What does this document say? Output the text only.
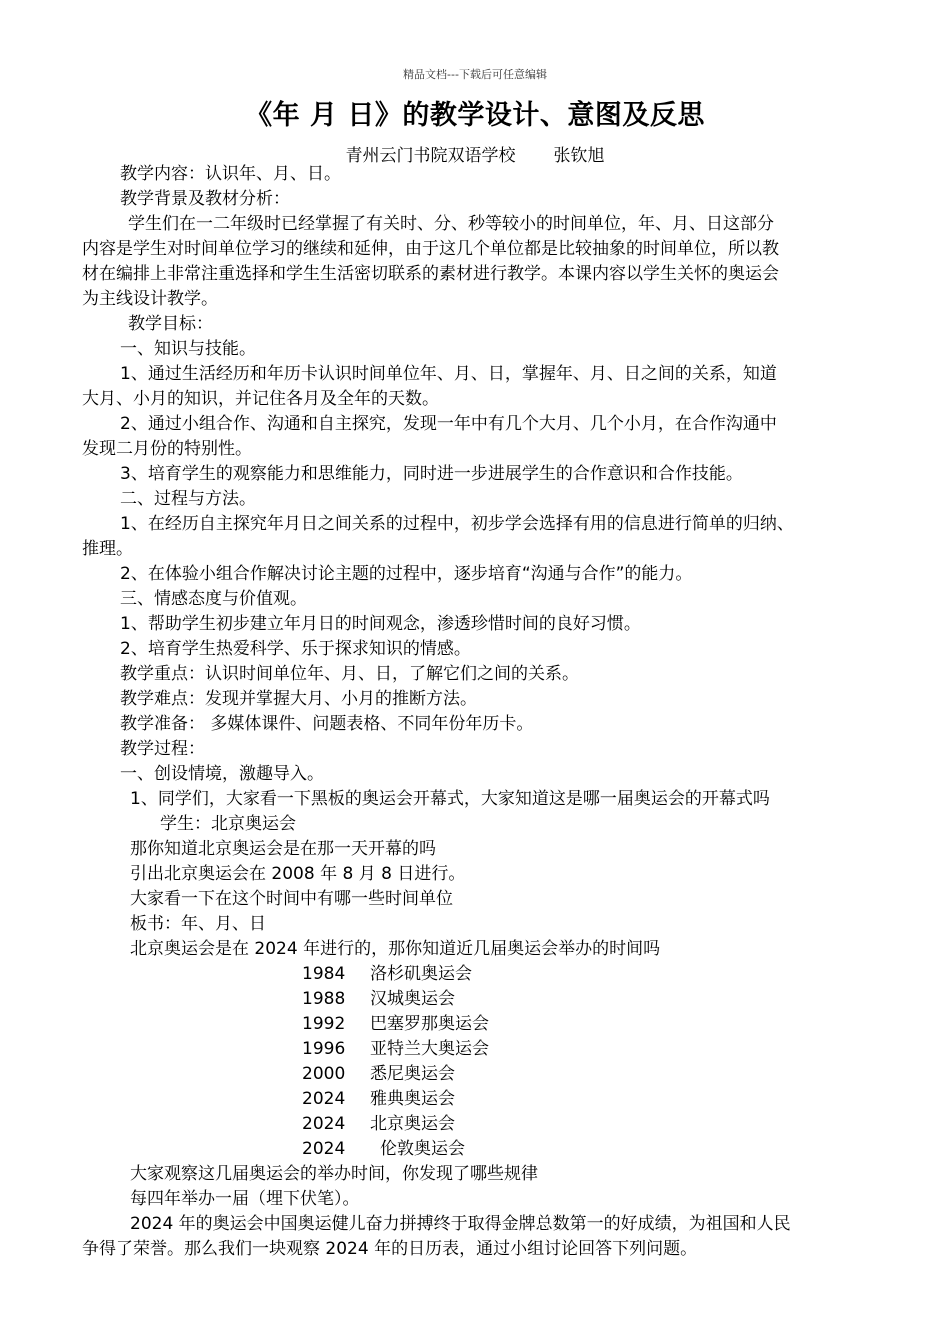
精品文档---下载后可任意编辑
《年 月 日》的教学设计、意图及反思
青州云门书院双语学校 张钦旭
教学内容：认识年、月、日。
教学背景及教材分析：
学生们在一二年级时已经掌握了有关时、分、秒等较小的时间单位，年、月、日这部分
内容是学生对时间单位学习的继续和延伸，由于这几个单位都是比较抽象的时间单位，所以教
材在编排上非常注重选择和学生生活密切联系的素材进行教学。本课内容以学生关怀的奥运会
为主线设计教学。
教学目标：
一、知识与技能。
1、通过生活经历和年历卡认识时间单位年、月、日，掌握年、月、日之间的关系，知道
大月、小月的知识，并记住各月及全年的天数。
2、通过小组合作、沟通和自主探究，发现一年中有几个大月、几个小月，在合作沟通中
发现二月份的特别性。
3、培育学生的观察能力和思维能力，同时进一步进展学生的合作意识和合作技能。
二、过程与方法。
1、在经历自主探究年月日之间关系的过程中，初步学会选择有用的信息进行简单的归纳、
推理。
2、在体验小组合作解决讨论主题的过程中，逐步培育“沟通与合作”的能力。
三、情感态度与价值观。
1、帮助学生初步建立年月日的时间观念，渗透珍惜时间的良好习惯。
2、培育学生热爱科学、乐于探求知识的情感。
教学重点：认识时间单位年、月、日，了解它们之间的关系。
教学难点：发现并掌握大月、小月的推断方法。
教学准备： 多媒体课件、问题表格、不同年份年历卡。
教学过程：
一、创设情境，激趣导入。
1、同学们，大家看一下黑板的奥运会开幕式，大家知道这是哪一届奥运会的开幕式吗
学生：北京奥运会
那你知道北京奥运会是在那一天开幕的吗
引出北京奥运会在 2008 年 8 月 8 日进行。
大家看一下在这个时间中有哪一些时间单位
板书：年、月、日
北京奥运会是在 2024 年进行的，那你知道近几届奥运会举办的时间吗
1984 洛杉矶奥运会
1988 汉城奥运会
1992 巴塞罗那奥运会
1996 亚特兰大奥运会
2000 悉尼奥运会
2024 雅典奥运会
2024 北京奥运会
2024 伦敦奥运会
大家观察这几届奥运会的举办时间，你发现了哪些规律
每四年举办一届（埋下伏笔）。
2024 年的奥运会中国奥运健儿奋力拼搏终于取得金牌总数第一的好成绩，为祖国和人民
争得了荣誉。那么我们一块观察 2024 年的日历表，通过小组讨论回答下列问题。
